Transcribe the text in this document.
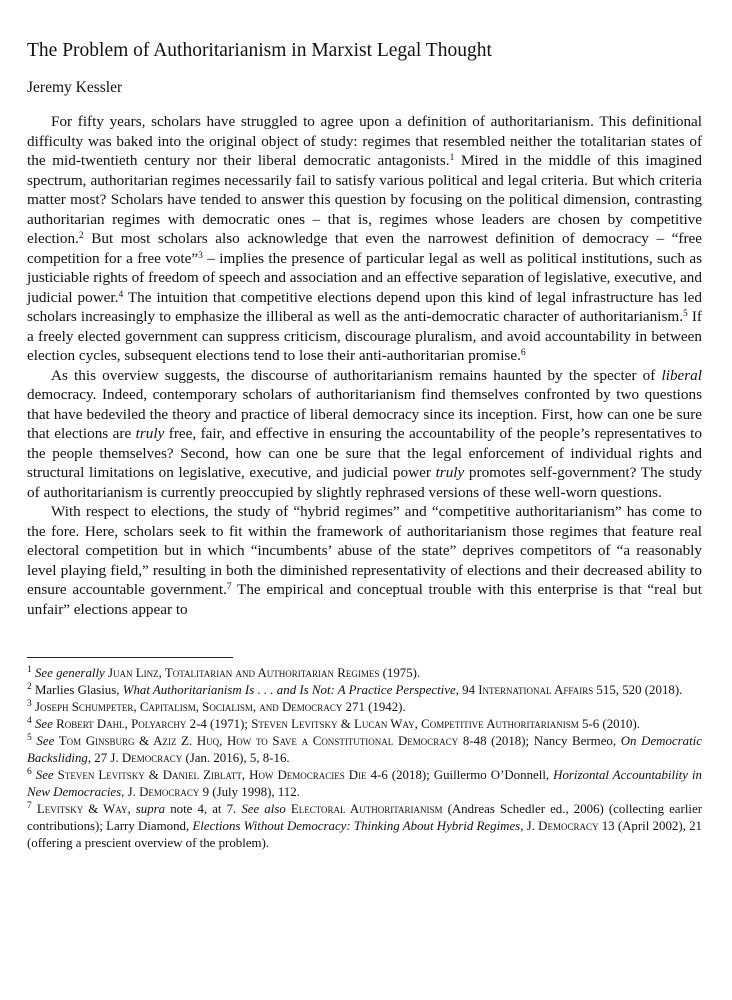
The Problem of Authoritarianism in Marxist Legal Thought
Jeremy Kessler

For fifty years, scholars have struggled to agree upon a definition of authoritarianism. This definitional difficulty was baked into the original object of study: regimes that resembled neither the totalitarian states of the mid-twentieth century nor their liberal democratic antagonists.$^1$ Mired in the middle of this imagined spectrum, authoritarian regimes necessarily fail to satisfy various political and legal criteria. But which criteria matter most? Scholars have tended to answer this question by focusing on the political dimension, contrasting authoritarian regimes with democratic ones – that is, regimes whose leaders are chosen by competitive election.$^2$ But most scholars also acknowledge that even the narrowest definition of democracy – “free competition for a free vote”$^3$ – implies the presence of particular legal as well as political institutions, such as justiciable rights of freedom of speech and association and an effective separation of legislative, executive, and judicial power.$^4$ The intuition that competitive elections depend upon this kind of legal infrastructure has led scholars increasingly to emphasize the illiberal as well as the anti-democratic character of authoritarianism.$^5$ If a freely elected government can suppress criticism, discourage pluralism, and avoid accountability in between election cycles, subsequent elections tend to lose their anti-authoritarian promise.$^6$

As this overview suggests, the discourse of authoritarianism remains haunted by the specter of liberal democracy. Indeed, contemporary scholars of authoritarianism find themselves confronted by two questions that have bedeviled the theory and practice of liberal democracy since its inception. First, how can one be sure that elections are truly free, fair, and effective in ensuring the accountability of the people’s representatives to the people themselves? Second, how can one be sure that the legal enforcement of individual rights and structural limitations on legislative, executive, and judicial power truly promotes self-government? The study of authoritarianism is currently preoccupied by slightly rephrased versions of these well-worn questions.

With respect to elections, the study of “hybrid regimes” and “competitive authoritarianism” has come to the fore. Here, scholars seek to fit within the framework of authoritarianism those regimes that feature real electoral competition but in which “incumbents’ abuse of the state” deprives competitors of “a reasonably level playing field,” resulting in both the diminished representativity of elections and their decreased ability to ensure accountable government.$^7$ The empirical and conceptual trouble with this enterprise is that “real but unfair” elections appear to

$^1$ See generally Juan Linz, Totalitarian and Authoritarian Regimes (1975).

$^2$ Marlies Glasius, What Authoritarianism Is . . . and Is Not: A Practice Perspective, 94 International Affairs 515, 520 (2018).

$^3$ Joseph Schumpeter, Capitalism, Socialism, and Democracy 271 (1942).

$^4$ See Robert Dahl, Polyarchy 2-4 (1971); Steven Levitsky & Lucan Way, Competitive Authoritarianism 5-6 (2010).

$^5$ See Tom Ginsburg & Aziz Z. Huq, How to Save a Constitutional Democracy 8-48 (2018); Nancy Bermeo, On Democratic Backsliding, 27 J. Democracy (Jan. 2016), 5, 8-16.

$^6$ See Steven Levitsky & Daniel Ziblatt, How Democracies Die 4-6 (2018); Guillermo O’Donnell, Horizontal Accountability in New Democracies, J. Democracy 9 (July 1998), 112.

$^7$ Levitsky & Way, supra note 4, at 7. See also Electoral Authoritarianism (Andreas Schedler ed., 2006) (collecting earlier contributions); Larry Diamond, Elections Without Democracy: Thinking About Hybrid Regimes, J. Democracy 13 (April 2002), 21 (offering a prescient overview of the problem).
